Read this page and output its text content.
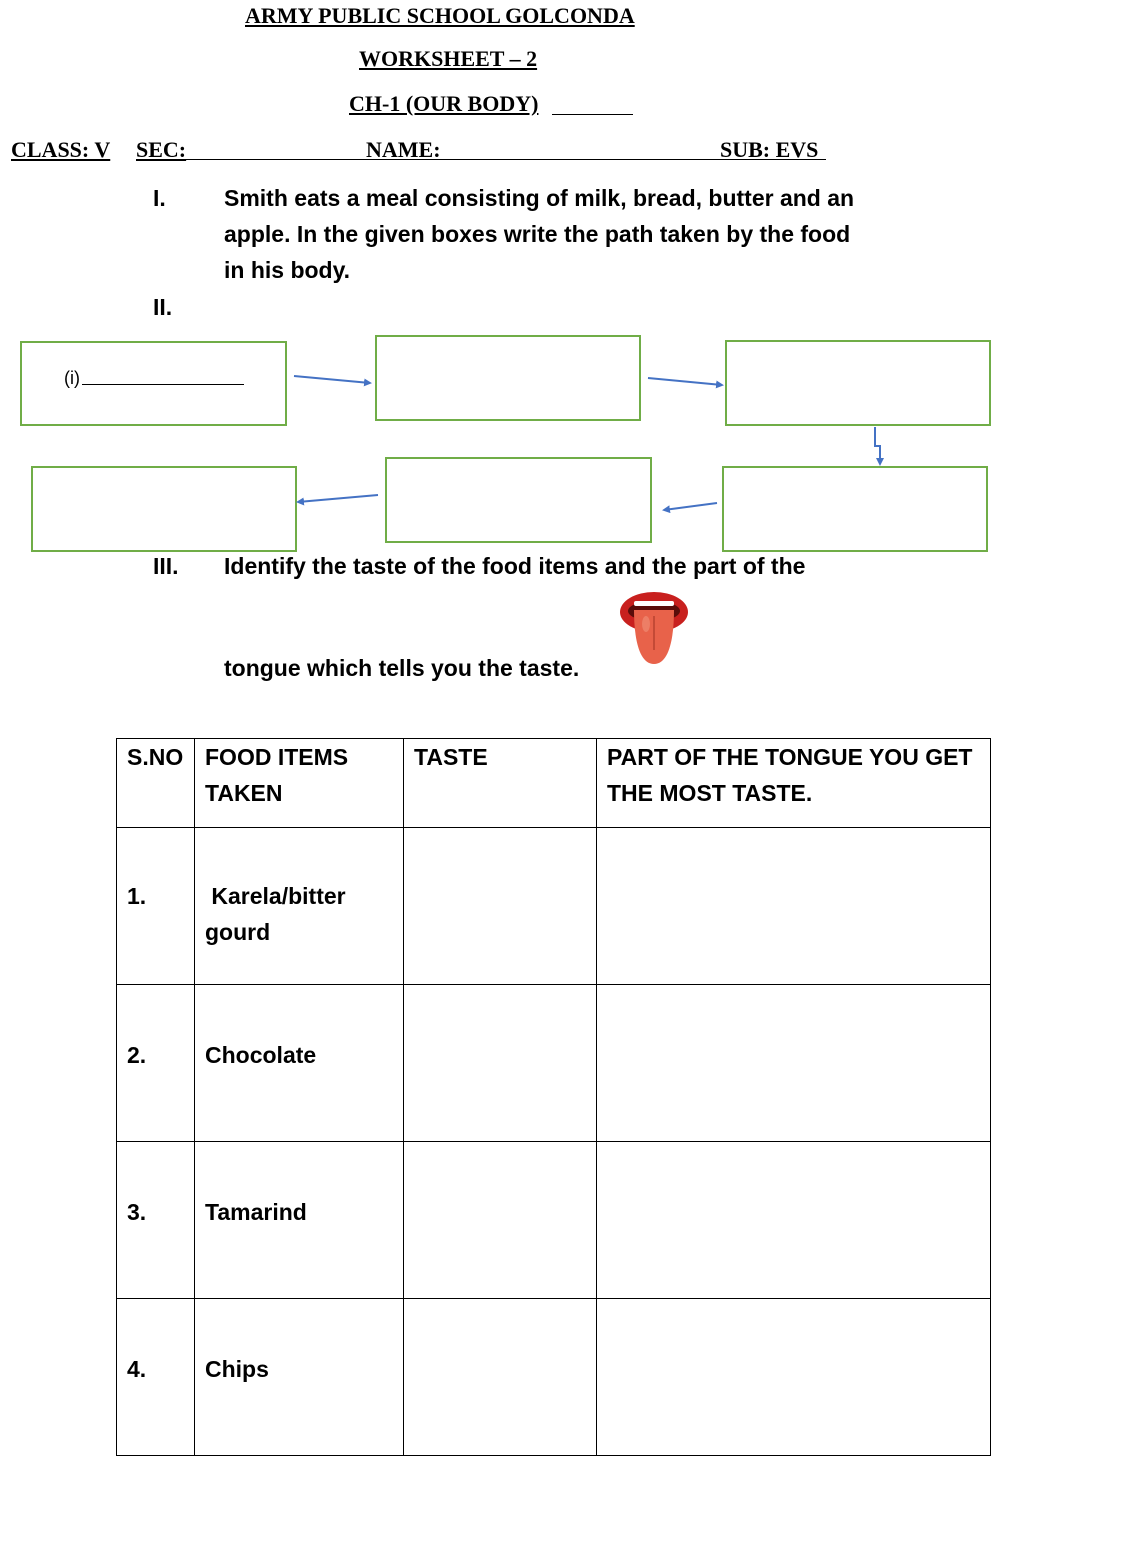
ARMY PUBLIC SCHOOL GOLCONDA
WORKSHEET – 2
CH-1 (OUR BODY)
CLASS: V SEC:	NAME:	SUB: EVS
I.	Smith eats a meal consisting of milk, bread, butter and an
apple. In the given boxes write the path taken by the food
in his body.
II.
(i)
III. Identify the taste of the food items and the part of the
tongue which tells you the taste.
S.NO	FOOD ITEMS TAKEN	TASTE	PART OF THE TONGUE YOU GET THE MOST TASTE.
1.	Karela/bitter
gourd		

2.	Chocolate		
3.	Tamarind		
4.	Chips		
